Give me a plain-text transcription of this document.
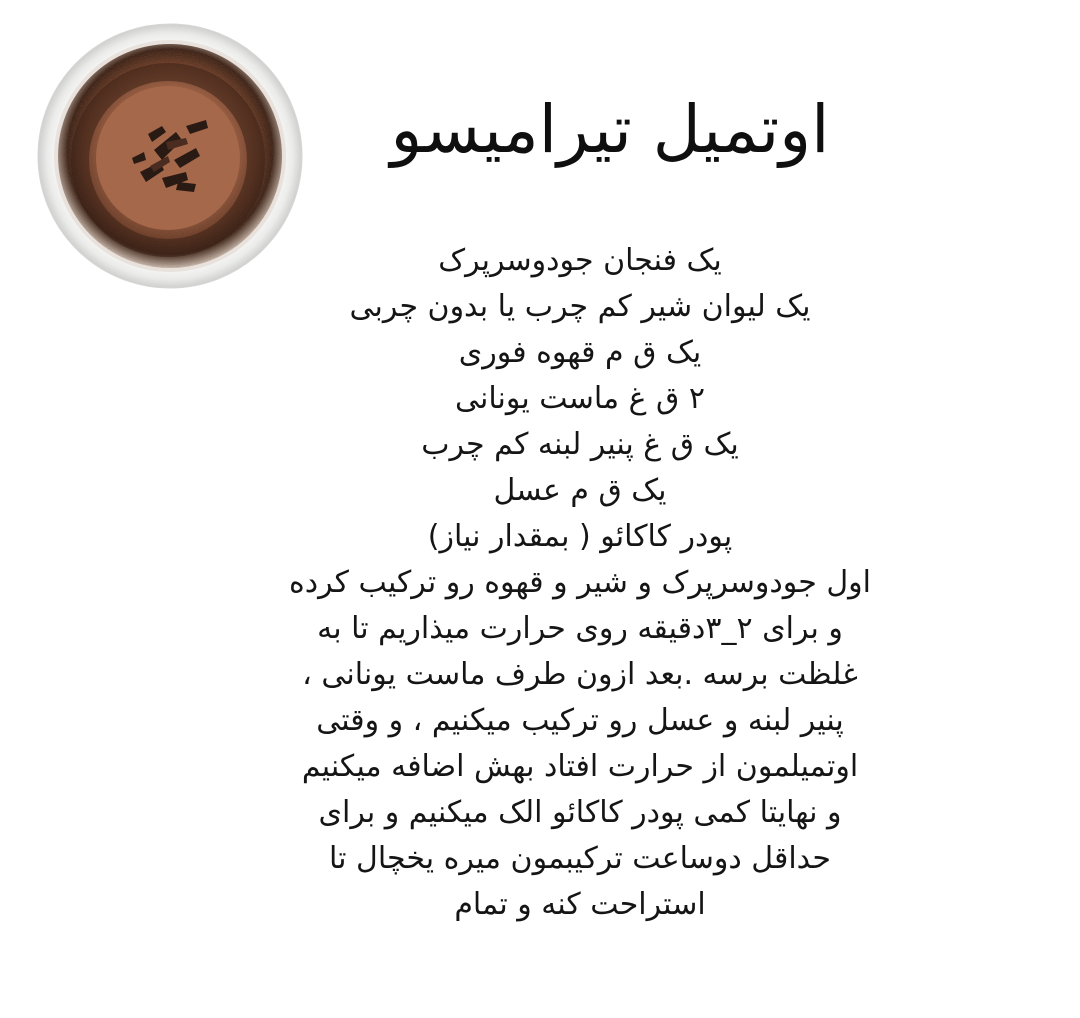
اوتمیل تیرامیسو
یک فنجان جودوسرپرک
یک لیوان شیر کم چرب یا بدون چربی
یک ق م قهوه فوری
۲ ق غ ماست یونانی
یک ق غ پنیر لبنه کم چرب
یک ق م عسل
پودر کاکائو ( بمقدار نیاز)
اول جودوسرپرک و شیر و قهوه رو ترکیب کرده
و برای ۲_۳دقیقه روی حرارت میذاریم تا به
غلظت برسه .بعد ازون طرف ماست یونانی ،
پنیر لبنه و عسل رو ترکیب میکنیم ، و وقتی
اوتمیلمون از حرارت افتاد بهش اضافه میکنیم
و نهایتا کمی پودر کاکائو الک میکنیم و برای
حداقل دوساعت ترکیبمون میره یخچال تا
استراحت کنه و تمام
